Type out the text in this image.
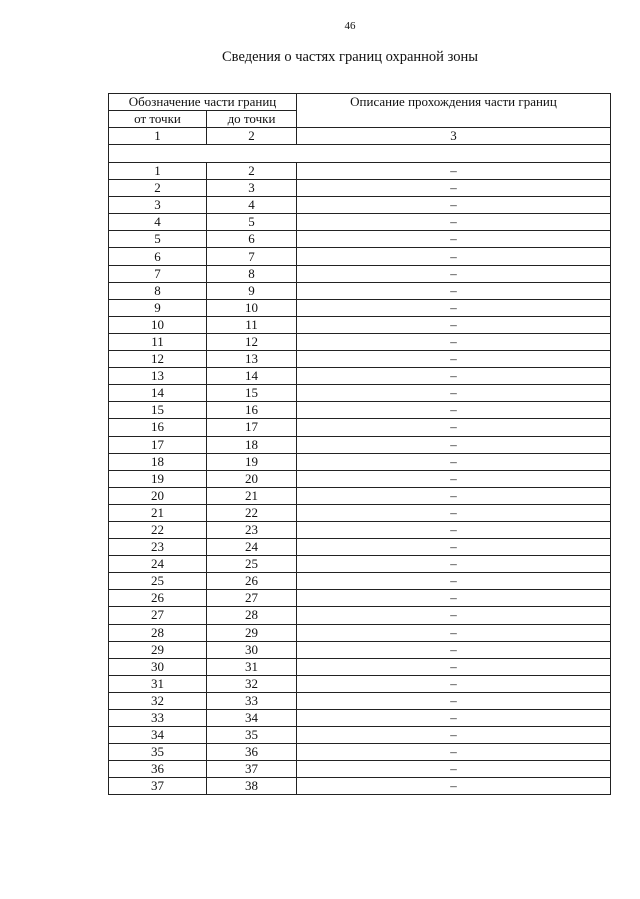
46
Сведения о частях границ охранной зоны
Обозначение части границ		Описание прохождения части границ
от точки	до точки	
1	2	3

1	2	–
2	3	–
3	4	–
4	5	–
5	6	–
6	7	–
7	8	–
8	9	–
9	10	–
10	11	–
11	12	–
12	13	–
13	14	–
14	15	–
15	16	–
16	17	–
17	18	–
18	19	–
19	20	–
20	21	–
21	22	–
22	23	–
23	24	–
24	25	–
25	26	–
26	27	–
27	28	–
28	29	–
29	30	–
30	31	–
31	32	–
32	33	–
33	34	–
34	35	–
35	36	–
36	37	–
37	38	–
